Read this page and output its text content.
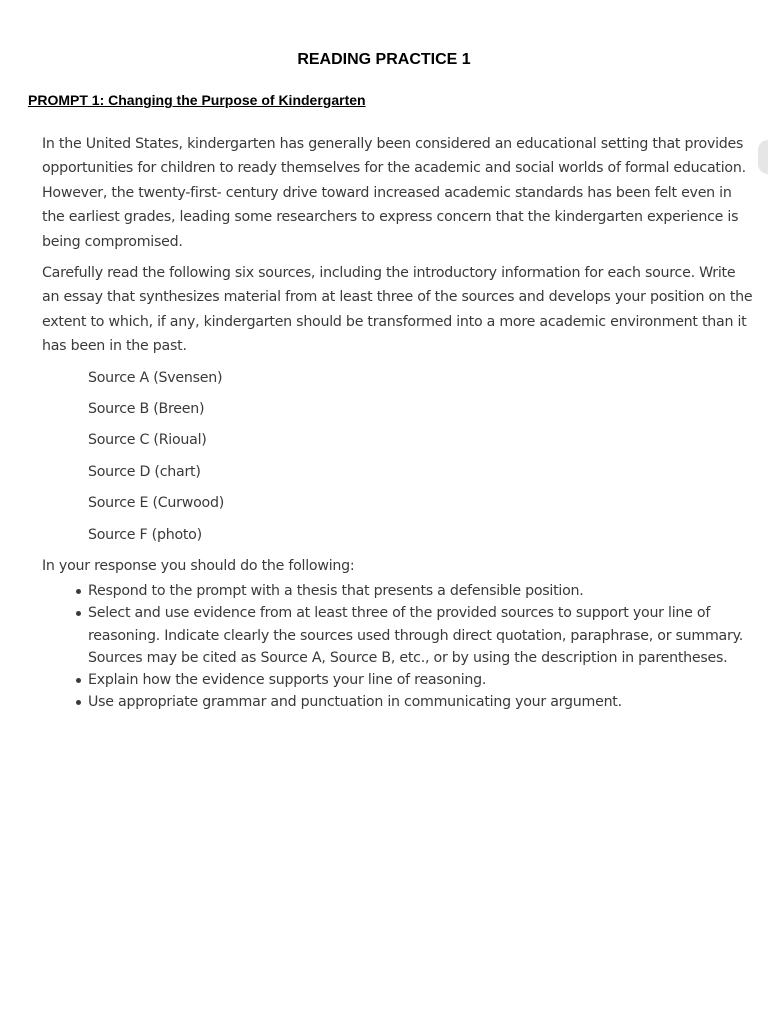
READING PRACTICE 1
PROMPT 1: Changing the Purpose of Kindergarten

In the United States, kindergarten has generally been considered an educational setting that provides opportunities for children to ready themselves for the academic and social worlds of formal education. However, the twenty-first- century drive toward increased academic standards has been felt even in the earliest grades, leading some researchers to express concern that the kindergarten experience is being compromised.

Carefully read the following six sources, including the introductory information for each source. Write an essay that synthesizes material from at least three of the sources and develops your position on the extent to which, if any, kindergarten should be transformed into a more academic environment than it has been in the past.

Source A (Svensen)
Source B (Breen)
Source C (Rioual)
Source D (chart)
Source E (Curwood)
Source F (photo)

In your response you should do the following:

Respond to the prompt with a thesis that presents a defensible position.
Select and use evidence from at least three of the provided sources to support your line of reasoning. Indicate clearly the sources used through direct quotation, paraphrase, or summary. Sources may be cited as Source A, Source B, etc., or by using the description in parentheses.
Explain how the evidence supports your line of reasoning.
Use appropriate grammar and punctuation in communicating your argument.
